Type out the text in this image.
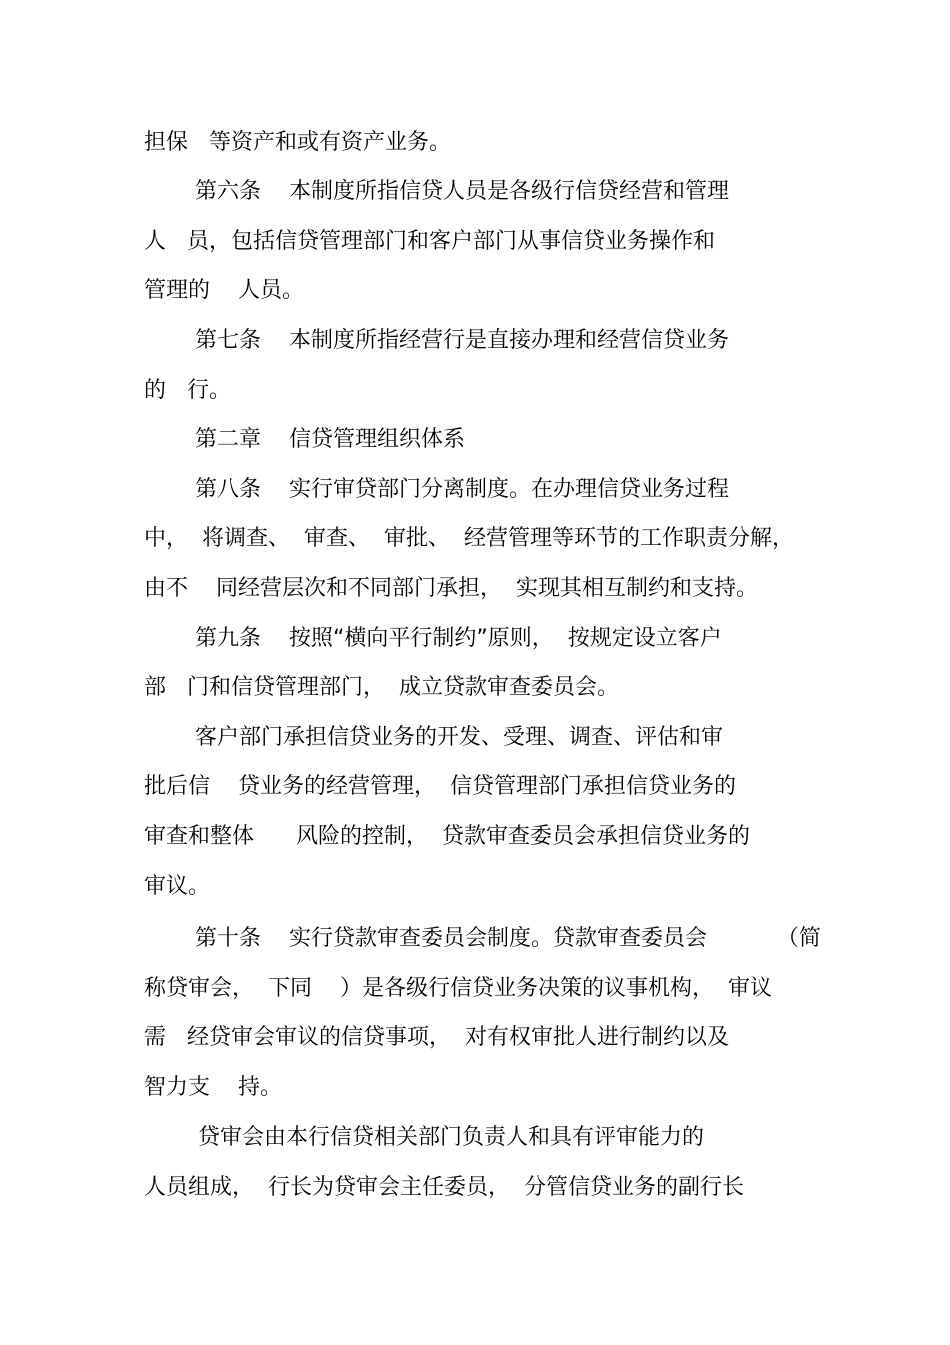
担保   等资产和或有资产业务。
第六条    本制度所指信贷人员是各级行信贷经营和管理
人   员，包括信贷管理部门和客户部门从事信贷业务操作和
管理的    人员。
第七条    本制度所指经营行是直接办理和经营信贷业务
的   行。
第二章    信贷管理组织体系
第八条    实行审贷部门分离制度。在办理信贷业务过程
中，  将调查、  审查、  审批、  经营管理等环节的工作职责分解，
由不    同经营层次和不同部门承担，  实现其相互制约和支持。
第九条    按照“横向平行制约”原则，  按规定设立客户
部   门和信贷管理部门，  成立贷款审查委员会。
客户部门承担信贷业务的开发、受理、调查、评估和审
批后信    贷业务的经营管理，  信贷管理部门承担信贷业务的
审查和整体      风险的控制，  贷款审查委员会承担信贷业务的
审议。
第十条    实行贷款审查委员会制度。贷款审查委员会          （简
称贷审会，  下同    ）是各级行信贷业务决策的议事机构，  审议
需   经贷审会审议的信贷事项，  对有权审批人进行制约以及
智力支    持。
贷审会由本行信贷相关部门负责人和具有评审能力的
人员组成，  行长为贷审会主任委员，  分管信贷业务的副行长
